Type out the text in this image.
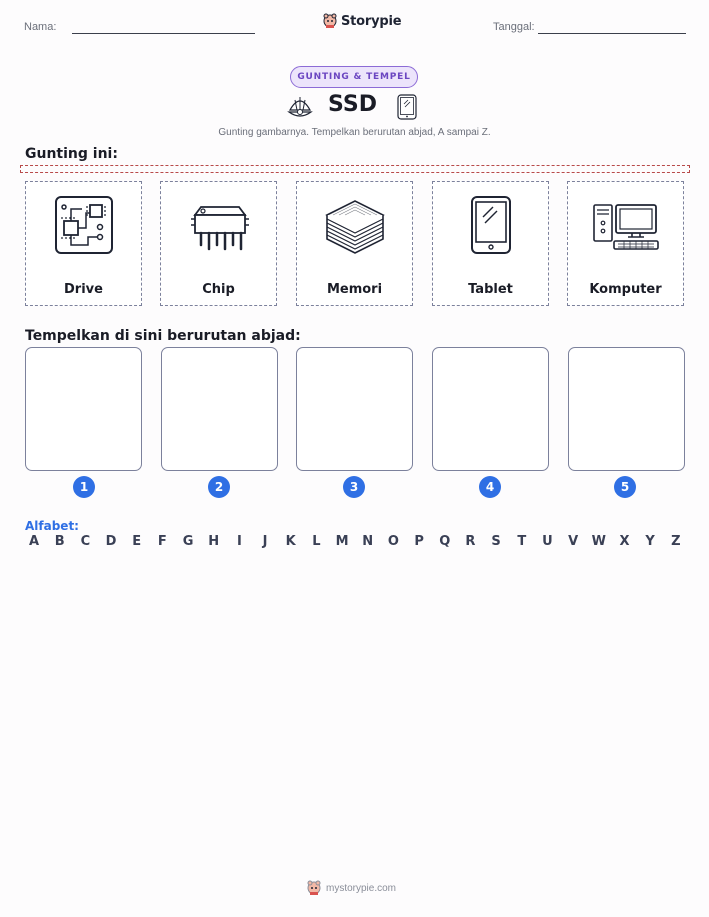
Nama:	Storypie	Tanggal:
GUNTING & TEMPEL
SSD
Gunting gambarnya. Tempelkan berurutan abjad, A sampai Z.
Gunting ini:
Drive	Chip	Memori	Tablet	Komputer
Tempelkan di sini berurutan abjad:
1	2	3	4	5
Alfabet:
A	B	C	D	E	F	G H	I	J	K	L	M N O	P	Q	R	S	T	U	V	W	X	Y	Z
mystorypie.com
